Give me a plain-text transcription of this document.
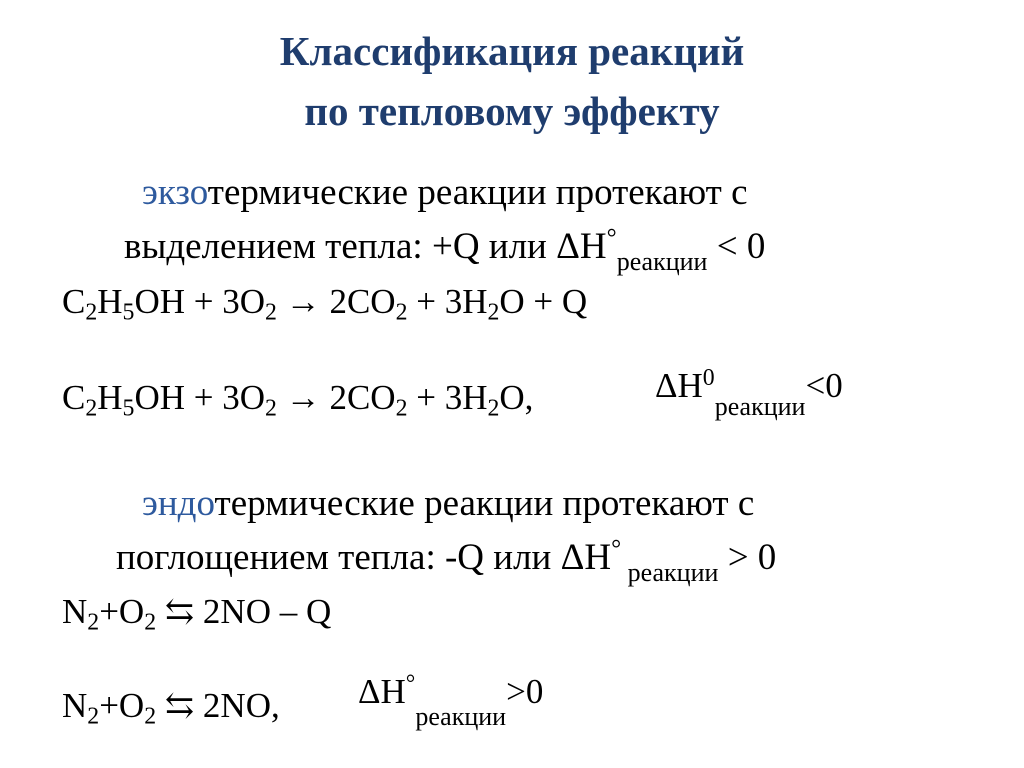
Классификация реакций
по тепловому эффекту
экзотермические реакции протекают с
выделением тепла: +Q или $\Delta H^\circ_{реакции} < 0$
$C_2H_5OH + 3O_2 \to 2CO_2 + 3H_2O + Q$
$C_2H_5OH + 3O_2 \to 2CO_2 + 3H_2O$,	$\Delta H^0_{реакции}<0$
эндотермические реакции протекают с
поглощением тепла: -Q или ΔH° $_{реакции}$ > 0
$N_2+O_2$ ⇆ 2NO – Q
$N_2+O_2$ ⇆ 2NO, $\Delta H^\circ_{реакции}>0$
